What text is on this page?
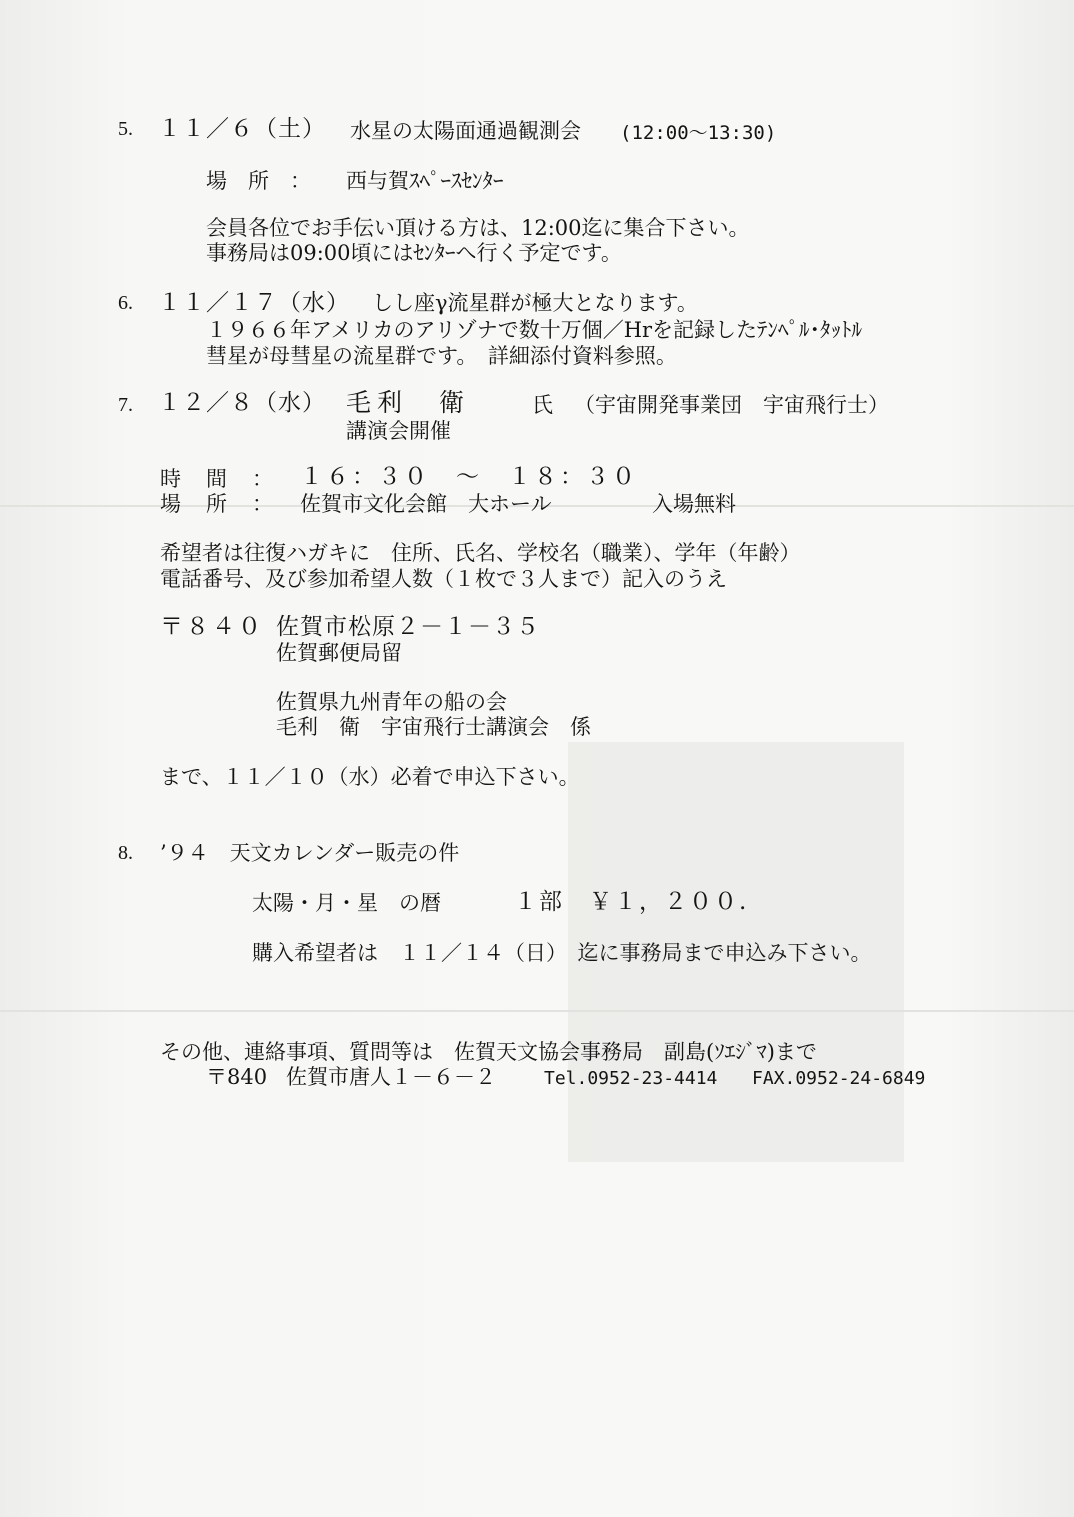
5. １１／６（土） 水星の太陽面通過観測会 (12:00～13:30)
場　所　： 西与賀ｽﾍﾟｰｽｾﾝﾀｰ
会員各位でお手伝い頂ける方は、12:00迄に集合下さい。
事務局は09:00頃にはｾﾝﾀｰへ行く予定です。
6. １１／１７（水） しし座γ流星群が極大となります。
１９６６年アメリカのアリゾナで数十万個／Hrを記録したﾃﾝﾍﾟﾙ･ﾀｯﾄﾙ
彗星が母彗星の流星群です。　詳細添付資料参照。
7. １２／８（水） 毛利　衛	氏 （宇宙開発事業団　宇宙飛行士）
講演会開催
時　間　： １６：３０　～　１８：３０
場　所　： 佐賀市文化会館　大ホール	入場無料
希望者は往復ハガキに　住所、氏名、学校名（職業）、学年（年齢）
電話番号、及び参加希望人数（１枚で３人まで）記入のうえ
〒８４０ 佐賀市松原２－１－３５
佐賀郵便局留
佐賀県九州青年の船の会
毛利　衛　宇宙飛行士講演会　係
まで、１１／１０（水）必着で申込下さい。
8. ’９４　天文カレンダー販売の件
太陽・月・星　の暦	１部　￥１，２００.
購入希望者は　１１／１４（日）　迄に事務局まで申込み下さい。
その他、連絡事項、質問等は　佐賀天文協会事務局　副島(ｿｴｼﾞﾏ)まで
〒840 佐賀市唐人１－６－２	Tel.0952-23-4414 FAX.0952-24-6849
